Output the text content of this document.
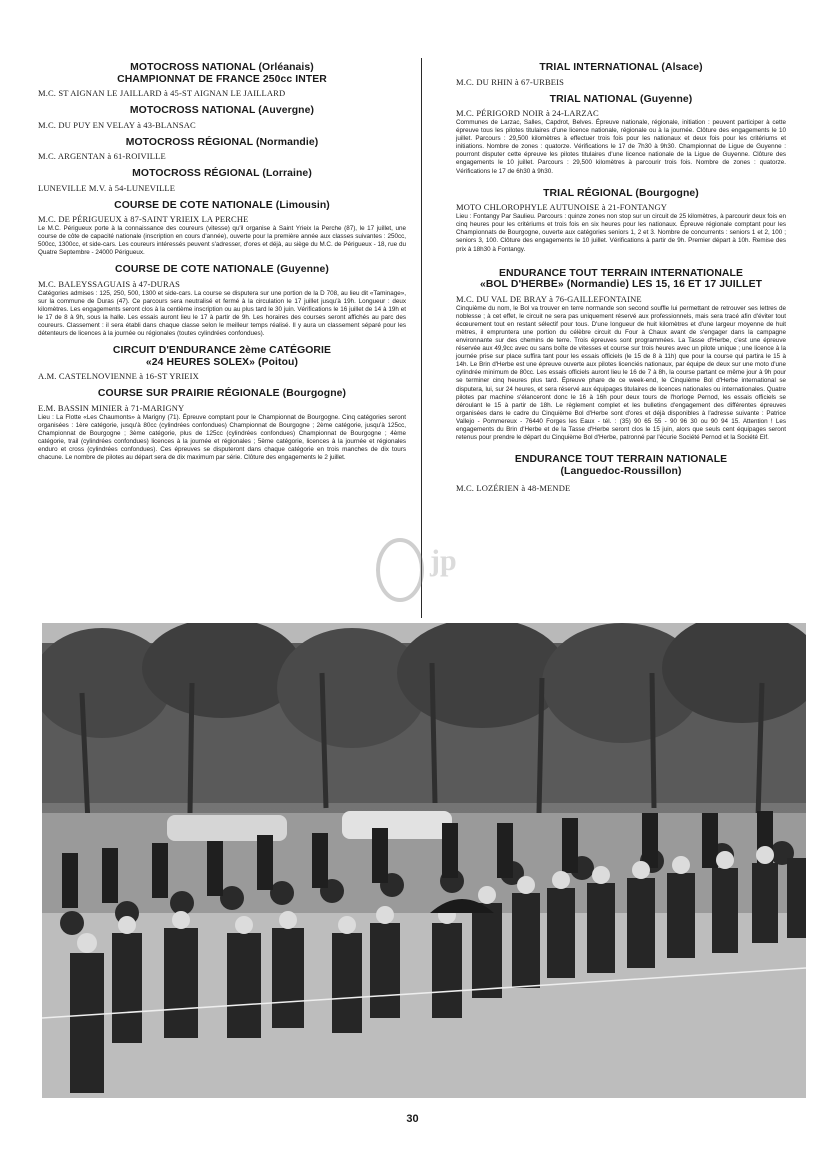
MOTOCROSS NATIONAL (Orléanais)
CHAMPIONNAT DE FRANCE 250cc INTER

M.C. ST AIGNAN LE JAILLARD à 45-ST AIGNAN LE JAILLARD

MOTOCROSS NATIONAL (Auvergne)

M.C. DU PUY EN VELAY à 43-BLANSAC

MOTOCROSS RÉGIONAL (Normandie)

M.C. ARGENTAN à 61-ROIVILLE

MOTOCROSS RÉGIONAL (Lorraine)

LUNEVILLE M.V. à 54-LUNEVILLE

COURSE DE COTE NATIONALE (Limousin)

M.C. DE PÉRIGUEUX à 87-SAINT YRIEIX LA PERCHE

Le M.C. Périgueux porte à la connaissance des coureurs (vitesse) qu'il organise à Saint Yrieix la Perche (87), le 17 juillet, une course de côte de capacité nationale (inscription en cours d'année), ouverte pour la première année aux classes suivantes : 250cc, 500cc, 1300cc, et side-cars. Les coureurs intéressés peuvent s'adresser, d'ores et déjà, au siège du M.C. de Périgueux - 18, rue du Quatre Septembre - 24000 Périgueux.

COURSE DE COTE NATIONALE (Guyenne)

M.C. BALEYSSAGUAIS à 47-DURAS

Catégories admises : 125, 250, 500, 1300 et side-cars. La course se disputera sur une portion de la D 708, au lieu dit «Taminage», sur la commune de Duras (47). Ce parcours sera neutralisé et fermé à la circulation le 17 juillet jusqu'à 19h. Longueur : deux kilomètres. Les engagements seront clos à la centième inscription ou au plus tard le 30 juin. Vérifications le 16 juillet de 14 à 19h et le 17 de 8 à 9h, sous la halle. Les essais auront lieu le 17 à partir de 9h. Les horaires des courses seront affichés au parc des coureurs. Classement : il sera établi dans chaque classe selon le meilleur temps réalisé. Il y aura un classement séparé pour les détenteurs de licences à la journée ou régionales (toutes cylindrées confondues).

CIRCUIT D'ENDURANCE 2ème CATÉGORIE
«24 HEURES SOLEX» (Poitou)

A.M. CASTELNOVIENNE à 16-ST YRIEIX

COURSE SUR PRAIRIE RÉGIONALE (Bourgogne)

E.M. BASSIN MINIER à 71-MARIGNY

Lieu : La Flotte «Les Chaumonts» à Marigny (71). Épreuve comptant pour le Championnat de Bourgogne. Cinq catégories seront organisées : 1ère catégorie, jusqu'à 80cc (cylindrées confondues) Championnat de Bourgogne ; 2ème catégorie, jusqu'à 125cc, Championnat de Bourgogne ; 3ème catégorie, plus de 125cc (cylindrées confondues) Championnat de Bourgogne ; 4ème catégorie, trail (cylindrées confondues) licences à la journée et régionales ; 5ème catégorie, licences à la journée et régionales enduro et cross (cylindrées confondues). Ces épreuves se disputeront dans chaque catégorie en trois manches de dix tours chacune. Le nombre de pilotes au départ sera de dix maximum par série. Clôture des engagements le 2 juillet.

TRIAL INTERNATIONAL (Alsace)

M.C. DU RHIN à 67-URBEIS

TRIAL NATIONAL (Guyenne)

M.C. PÉRIGORD NOIR à 24-LARZAC

Communes de Larzac, Salles, Capdrot, Belves. Épreuve nationale, régionale, initiation : peuvent participer à cette épreuve tous les pilotes titulaires d'une licence nationale, régionale ou à la journée. Clôture des engagements le 10 juillet. Parcours : 29,500 kilomètres à effectuer trois fois pour les nationaux et deux fois pour les critériums et initiations. Nombre de zones : quatorze. Vérifications le 17 de 7h30 à 9h30. Championnat de Ligue de Guyenne : pourront disputer cette épreuve les pilotes titulaires d'une licence nationale de la Ligue de Guyenne. Clôture des engagements le 10 juillet. Parcours : 29,500 kilomètres à parcourir trois fois. Nombre de zones : quatorze. Vérifications le 17 de 6h30 à 9h30.

TRIAL RÉGIONAL (Bourgogne)

MOTO CHLOROPHYLE AUTUNOISE à 21-FONTANGY

Lieu : Fontangy Par Saulieu. Parcours : quinze zones non stop sur un circuit de 25 kilomètres, à parcourir deux fois en cinq heures pour les critériums et trois fois en six heures pour les nationaux. Épreuve régionale comptant pour les Championnats de Bourgogne, ouverte aux catégories seniors 1, 2 et 3. Nombre de concurrents : seniors 1 et 2, 100 ; seniors 3, 100. Clôture des engagements le 10 juillet. Vérifications à partir de 9h. Premier départ à 10h. Remise des prix à 18h30 à Fontangy.

ENDURANCE TOUT TERRAIN INTERNATIONALE
«BOL D'HERBE» (Normandie) LES 15, 16 ET 17 JUILLET

M.C. DU VAL DE BRAY à 76-GAILLEFONTAINE

Cinquième du nom, le Bol va trouver en terre normande son second souffle lui permettant de retrouver ses lettres de noblesse ; à cet effet, le circuit ne sera pas uniquement réservé aux professionnels, mais sera tracé afin d'éviter tout écœurement tout en restant sélectif pour tous. D'une longueur de huit kilomètres et d'une largeur moyenne de huit mètres, il empruntera une portion du célèbre circuit du Four à Chaux avant de s'engager dans la campagne environnante sur des chemins de terre. Trois épreuves sont programmées. La Tasse d'Herbe, c'est une épreuve réservée aux 49,9cc avec ou sans boîte de vitesses et course sur trois heures avec un pilote unique ; une licence à la journée prise sur place suffira tant pour les essais officiels (le 15 de 8 à 11h) que pour la course qui partira le 15 à 14h. Le Brin d'Herbe est une épreuve ouverte aux pilotes licenciés nationaux, par équipe de deux sur une moto d'une cylindrée minimum de 80cc. Les essais officiels auront lieu le 16 de 7 à 8h, la course partant ce même jour à 9h pour se terminer cinq heures plus tard. Épreuve phare de ce week-end, le Cinquième Bol d'Herbe international se disputera, lui, sur 24 heures, et sera réservé aux équipages titulaires de licences nationales ou internationales. Quatre pilotes par machine s'élanceront donc le 16 à 16h pour deux tours de l'horloge Pernod, les essais officiels se déroulant le 15 à partir de 18h. Le règlement complet et les bulletins d'engagement des différentes épreuves organisées dans le cadre du Cinquième Bol d'Herbe sont d'ores et déjà disponibles à l'adresse suivante : Patrice Vallejo - Pommereux - 76440 Forges les Eaux - tél. : (35) 90 65 55 - 90 96 30 ou 90 94 15. Attention ! Les engagements du Brin d'Herbe et de la Tasse d'Herbe seront clos le 15 juin, alors que seuls cent équipages seront retenus pour prendre le départ du Cinquième Bol d'Herbe, patronné par l'écurie Société Pernod et la Société Elf.

ENDURANCE TOUT TERRAIN NATIONALE
(Languedoc-Roussillon)

M.C. LOZÉRIEN à 48-MENDE

jp
30
